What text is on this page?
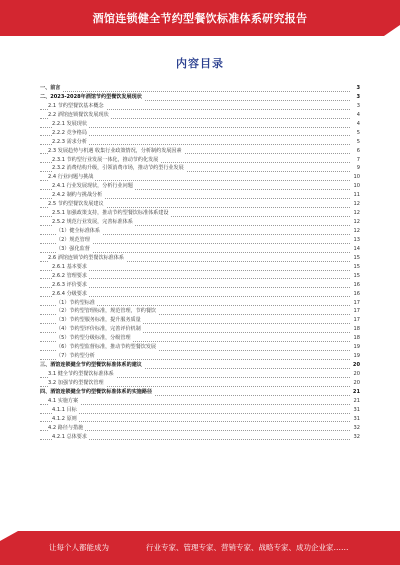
酒馆连锁健全节约型餐饮标准体系研究报告
内容目录
一、前言	3
二、2023-2028年酒馆节约型餐饮发展现状	3
2.1 节约型餐饮基本概念	3
2.2 酒馆连锁餐饮发展现状	4
2.2.1 发展现状	4
2.2.2 竞争格局	5
2.2.3 需求分析	5
2.3 发展趋势与机遇 收集行业政策情况，分析制约发展因素	6
2.3.1 节约型行业发展一体化，推动节约化发展	7
2.3.2 消费结构升级，引领消费市场，推动节约型行业发展	9
2.4 行业问题与挑战	10
2.4.1 行业发展现状，分析行业问题	10
2.4.2 制约与挑战分析	11
2.5 节约型餐饮发展建议	12
2.5.1 加强政策支持，推动节约型餐饮标准体系建设	12
2.5.2 规范行业发展，完善标准体系	12
（1）健全标准体系	12
（2）规范管理	13
（3）强化监督	14
2.6 酒馆连锁节约型餐饮标准体系	15
2.6.1 基本要求	15
2.6.2 管理要求	15
2.6.3 评价要求	16
2.6.4 分级要求	16
（1）节约型标准	17
（2）节约型管理标准，规范管理，节约餐饮	17
（3）节约型服务标准，提升服务质量	17
（4）节约型评价标准，完善评价机制	18
（5）节约型分级标准，分级管理	18
（6）节约型监督标准，推动节约型餐饮发展	19
（7）节约型分析	19
三、酒馆连锁健全节约型餐饮标准体系的建议	20
3.1 健全节约型餐饮标准体系	20
3.2 加强节约型餐饮管理	20
四、酒馆连锁健全节约型餐饮标准体系的实施路径	21
4.1 实施方案	21
4.1.1 目标	31
4.1.2 原则	31
4.2 路径与措施	32
4.2.1 总体要求	32
让每个人都能成为	行业专家、管理专家、营销专家、战略专家、成功企业家……
